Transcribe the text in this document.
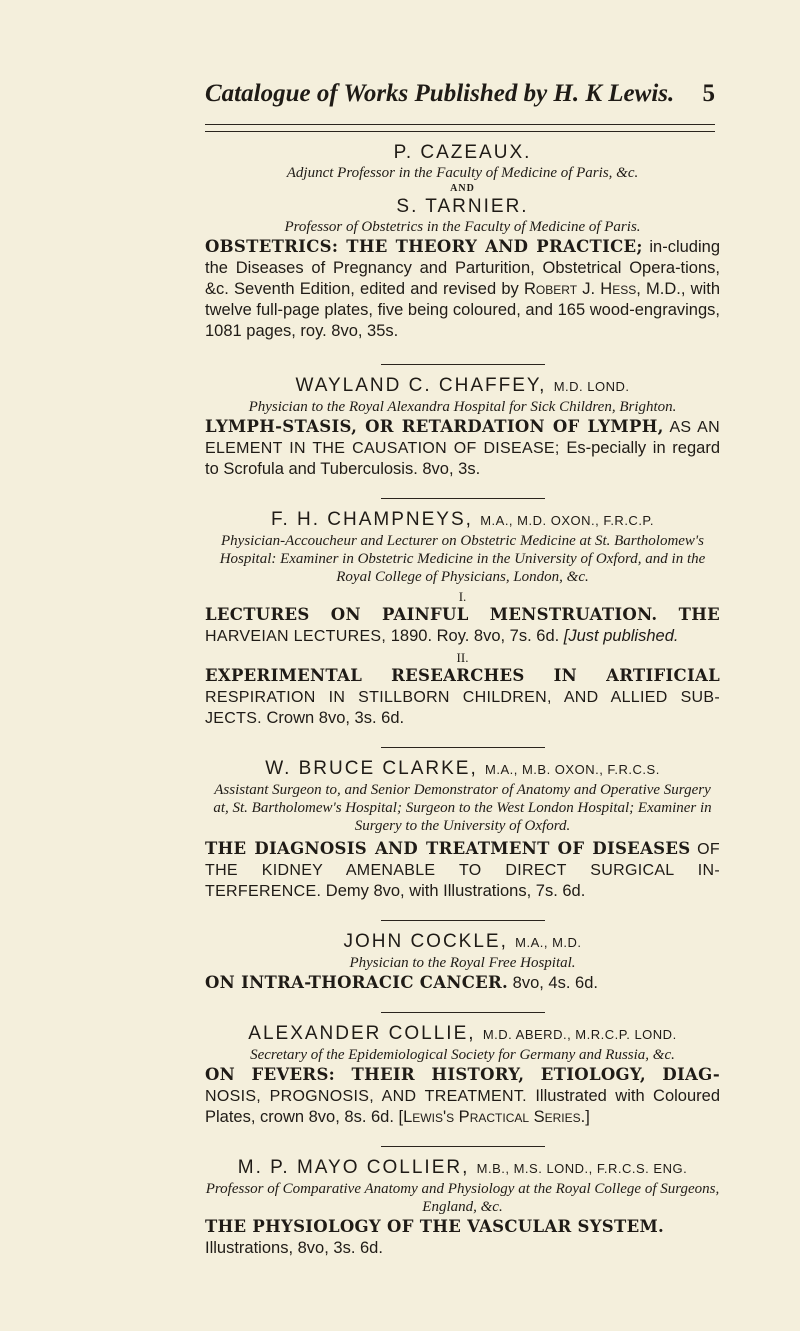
Catalogue of Works Published by H. K Lewis. 5
P. CAZEAUX.
Adjunct Professor in the Faculty of Medicine of Paris, &c.
AND
S. TARNIER.
Professor of Obstetrics in the Faculty of Medicine of Paris.
OBSTETRICS: THE THEORY AND PRACTICE; in-cluding the Diseases of Pregnancy and Parturition, Obstetrical Opera-tions, &c. Seventh Edition, edited and revised by Robert J. Hess, M.D., with twelve full-page plates, five being coloured, and 165 wood-engravings, 1081 pages, roy. 8vo, 35s.
WAYLAND C. CHAFFEY, M.D. LOND.
Physician to the Royal Alexandra Hospital for Sick Children, Brighton.
LYMPH-STASIS, OR RETARDATION OF LYMPH, AS AN ELEMENT IN THE CAUSATION OF DISEASE; Es-pecially in regard to Scrofula and Tuberculosis. 8vo, 3s.
F. H. CHAMPNEYS, M.A., M.D. OXON., F.R.C.P.
Physician-Accoucheur and Lecturer on Obstetric Medicine at St. Bartholomew's Hospital: Examiner in Obstetric Medicine in the University of Oxford, and in the Royal College of Physicians, London, &c.
I.
LECTURES ON PAINFUL MENSTRUATION. THE HARVEIAN LECTURES, 1890. Roy. 8vo, 7s. 6d. [Just published.
II.
EXPERIMENTAL RESEARCHES IN ARTIFICIAL RESPIRATION IN STILLBORN CHILDREN, AND ALLIED SUB-JECTS. Crown 8vo, 3s. 6d.
W. BRUCE CLARKE, M.A., M.B. OXON., F.R.C.S.
Assistant Surgeon to, and Senior Demonstrator of Anatomy and Operative Surgery at, St. Bartholomew's Hospital; Surgeon to the West London Hospital; Examiner in Surgery to the University of Oxford.
THE DIAGNOSIS AND TREATMENT OF DISEASES OF THE KIDNEY AMENABLE TO DIRECT SURGICAL IN-TERFERENCE. Demy 8vo, with Illustrations, 7s. 6d.
JOHN COCKLE, M.A., M.D.
Physician to the Royal Free Hospital.
ON INTRA-THORACIC CANCER. 8vo, 4s. 6d.
ALEXANDER COLLIE, M.D. ABERD., M.R.C.P. LOND.
Secretary of the Epidemiological Society for Germany and Russia, &c.
ON FEVERS: THEIR HISTORY, ETIOLOGY, DIAG- NOSIS, PROGNOSIS, AND TREATMENT. Illustrated with Coloured Plates, crown 8vo, 8s. 6d. [Lewis's Practical Series.]
M. P. MAYO COLLIER, M.B., M.S. LOND., F.R.C.S. ENG.
Professor of Comparative Anatomy and Physiology at the Royal College of Surgeons, England, &c.
THE PHYSIOLOGY OF THE VASCULAR SYSTEM.
Illustrations, 8vo, 3s. 6d.
